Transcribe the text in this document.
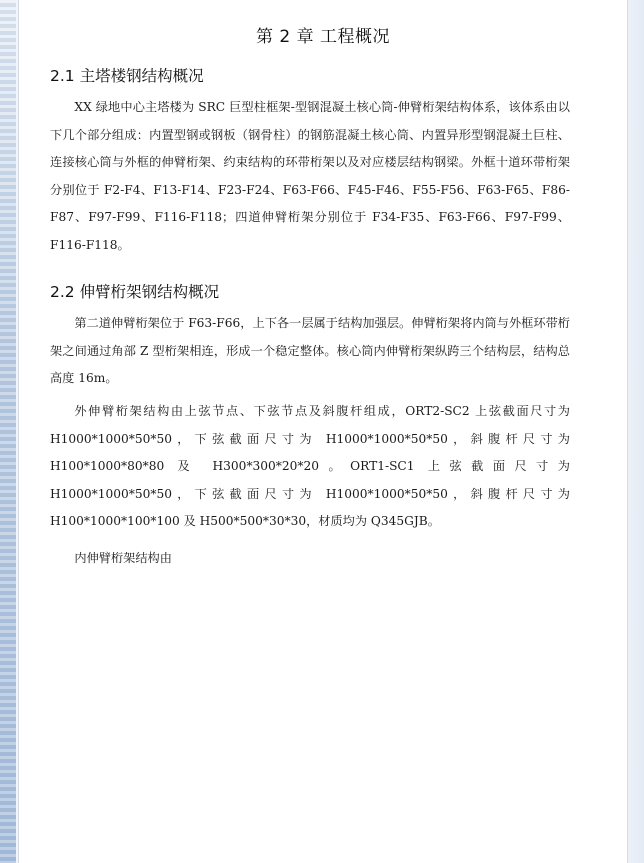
第 2 章 工程概况
2.1 主塔楼钢结构概况

XX 绿地中心主塔楼为 SRC 巨型柱框架-型钢混凝土核心筒-伸臂桁架结构体系，该体系由以下几个部分组成：内置型钢或钢板（钢骨柱）的钢筋混凝土核心筒、内置异形型钢混凝土巨柱、连接核心筒与外框的伸臂桁架、约束结构的环带桁架以及对应楼层结构钢梁。外框十道环带桁架分别位于 F2-F4、F13-F14、F23-F24、F63-F66、F45-F46、F55-F56、F63-F65、F86-F87、F97-F99、F116-F118；四道伸臂桁架分别位于 F34-F35、F63-F66、F97-F99、F116-F118。

2.2 伸臂桁架钢结构概况

第二道伸臂桁架位于 F63-F66，上下各一层属于结构加强层。伸臂桁架将内筒与外框环带桁架之间通过角部 Z 型桁架相连，形成一个稳定整体。核心筒内伸臂桁架纵跨三个结构层，结构总高度 16m。

外伸臂桁架结构由上弦节点、下弦节点及斜腹杆组成，ORT2-SC2 上弦截面尺寸为 H1000*1000*50*50，下弦截面尺寸为 H1000*1000*50*50，斜腹杆尺寸为 H100*1000*80*80 及 H300*300*20*20。ORT1-SC1 上弦截面尺寸为 H1000*1000*50*50，下弦截面尺寸为 H1000*1000*50*50，斜腹杆尺寸为 H100*1000*100*100 及 H500*500*30*30，材质均为 Q345GJB。

内伸臂桁架结构由
